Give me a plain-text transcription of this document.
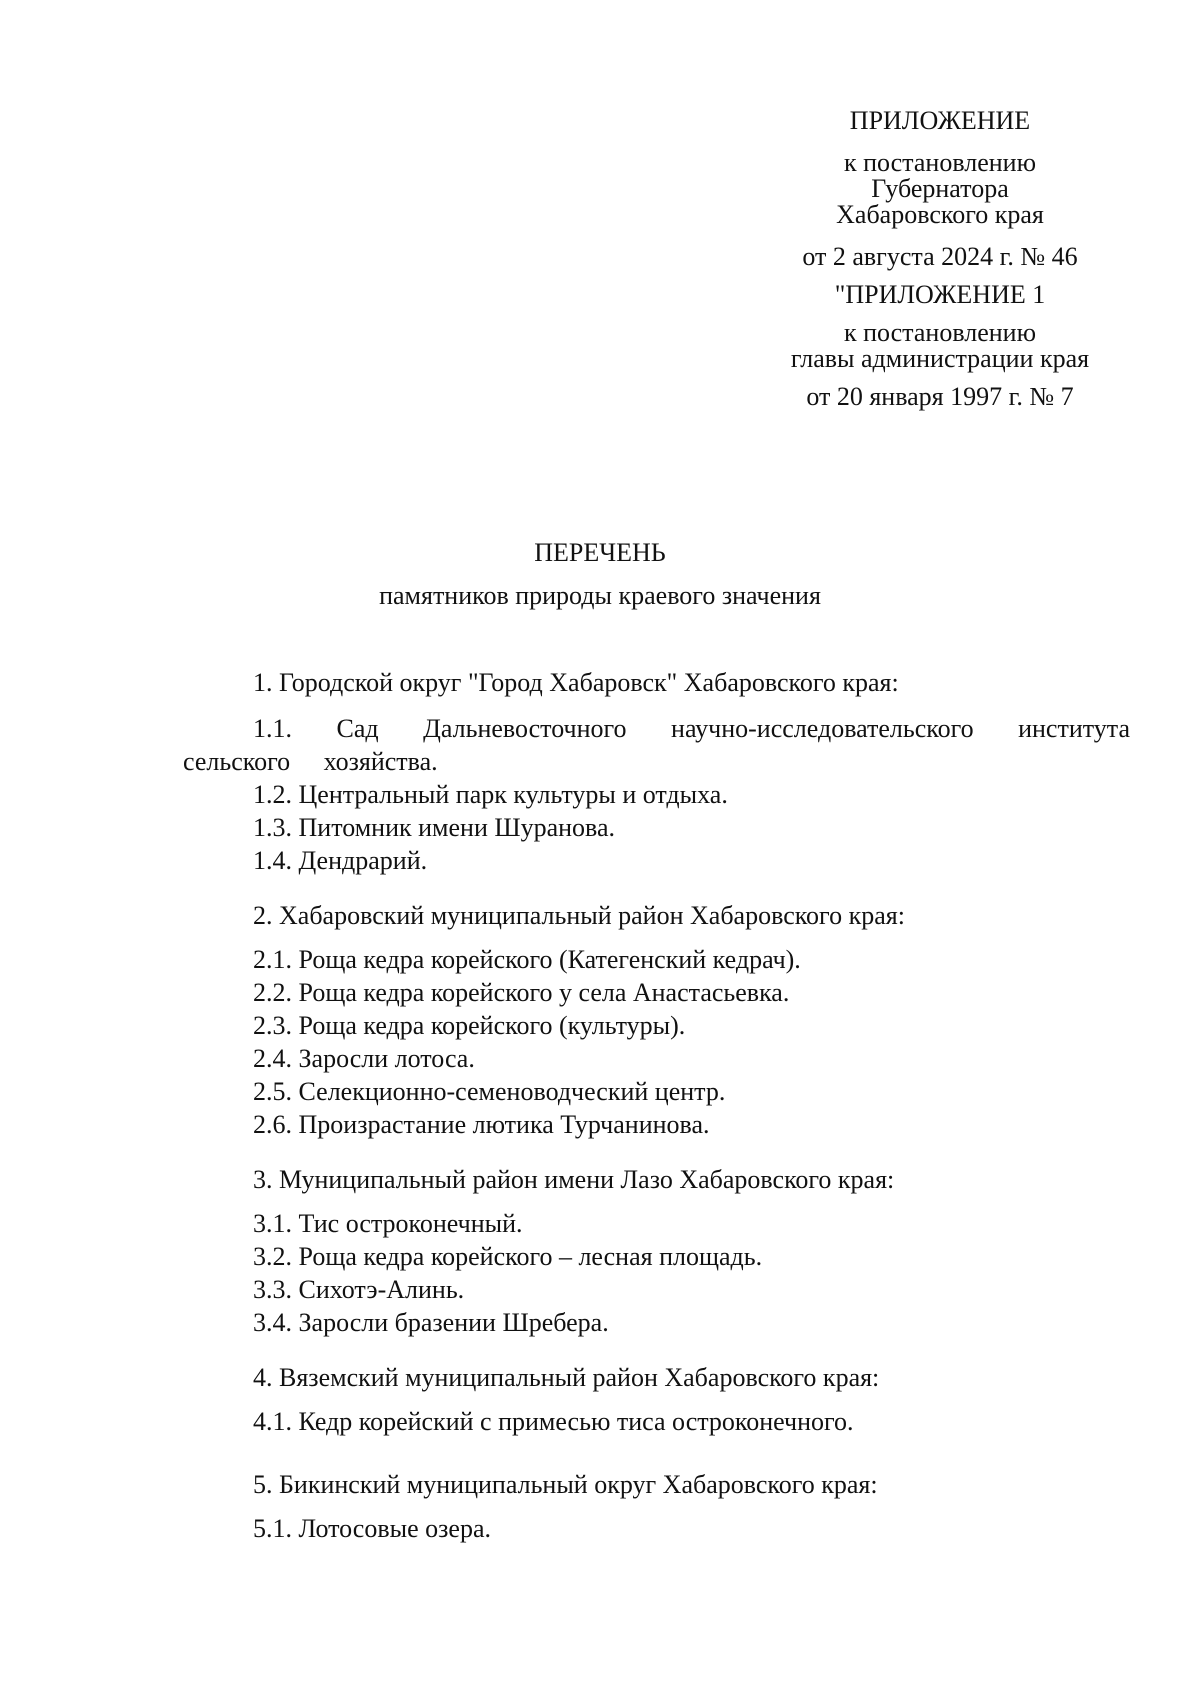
ПРИЛОЖЕНИЕ

к постановлению

Губернатора

Хабаровского края

от 2 августа 2024 г. № 46

"ПРИЛОЖЕНИЕ 1

к постановлению

главы администрации края

от 20 января 1997 г. № 7

ПЕРЕЧЕНЬ

памятников природы краевого значения

1. Городской округ "Город Хабаровск" Хабаровского края:

1.1. Сад Дальневосточного научно-исследовательского института сельского хозяйства.

1.2. Центральный парк культуры и отдыха.

1.3. Питомник имени Шуранова.

1.4. Дендрарий.

2. Хабаровский муниципальный район Хабаровского края:

2.1. Роща кедра корейского (Категенский кедрач).

2.2. Роща кедра корейского у села Анастасьевка.

2.3. Роща кедра корейского (культуры).

2.4. Заросли лотоса.

2.5. Селекционно-семеноводческий центр.

2.6. Произрастание лютика Турчанинова.

3. Муниципальный район имени Лазо Хабаровского края:

3.1. Тис остроконечный.

3.2. Роща кедра корейского – лесная площадь.

3.3. Сихотэ-Алинь.

3.4. Заросли бразении Шребера.

4. Вяземский муниципальный район Хабаровского края:

4.1. Кедр корейский с примесью тиса остроконечного.

5. Бикинский муниципальный округ Хабаровского края:

5.1. Лотосовые озера.
